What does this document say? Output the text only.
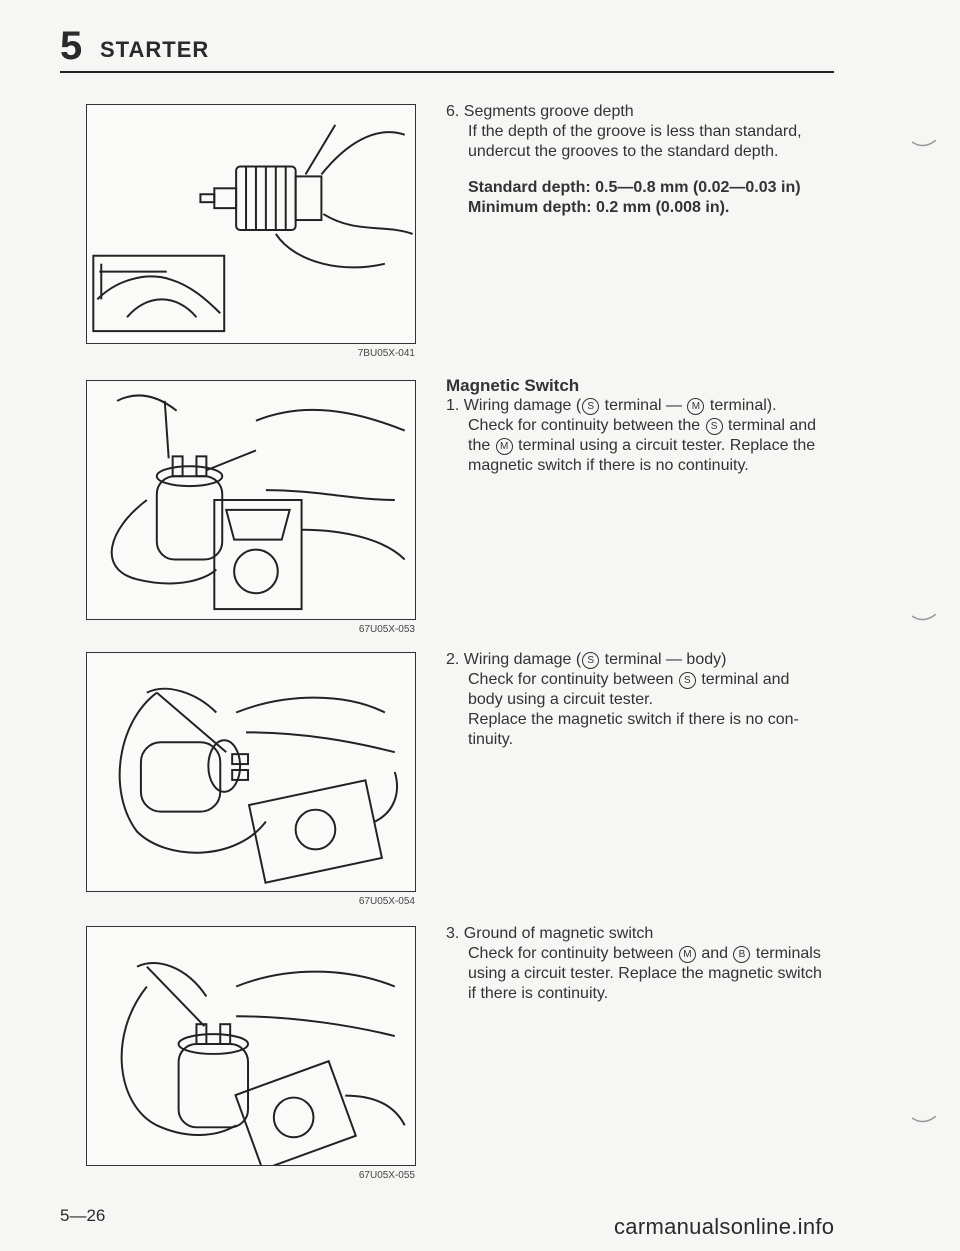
5 STARTER
7BU05X-041
67U05X-053
67U05X-054
67U05X-055
6. Segments groove depth
If the depth of the groove is less than standard,
undercut the grooves to the standard depth.
Standard depth: 0.5—0.8 mm (0.02—0.03 in)
Minimum depth: 0.2 mm (0.008 in).
Magnetic Switch
1. Wiring damage ( S terminal — M terminal).
Check for continuity between the S terminal and
the M terminal using a circuit tester. Replace the
magnetic switch if there is no continuity.
2. Wiring damage ( S terminal — body)
Check for continuity between S terminal and
body using a circuit tester.
Replace the magnetic switch if there is no con-
tinuity.
3. Ground of magnetic switch
Check for continuity between M and B terminals
using a circuit tester. Replace the magnetic switch
if there is continuity.
5—26	carmanualsonline.info
